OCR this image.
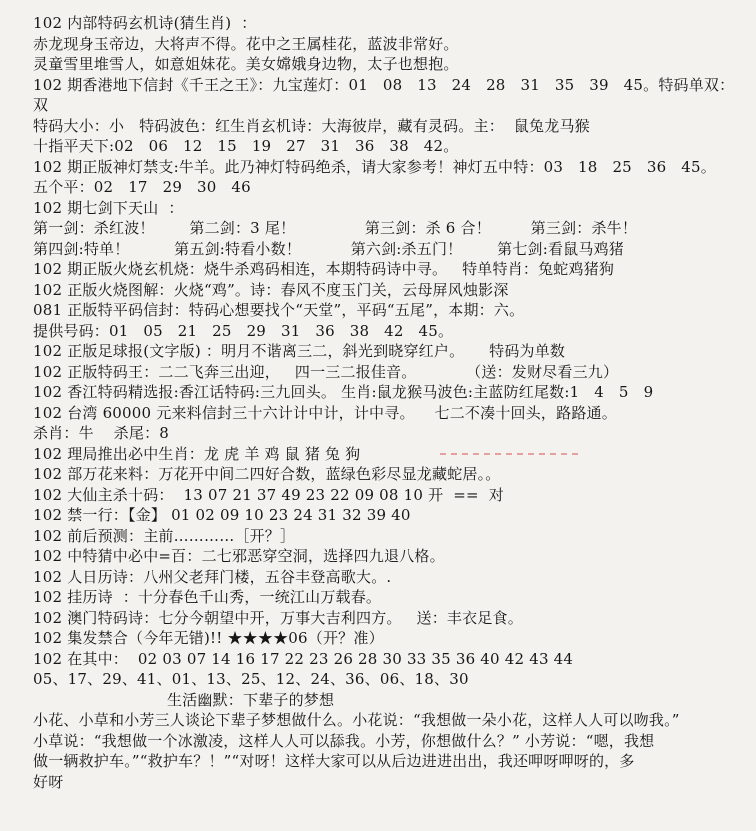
102 内部特码玄机诗(猜生肖)  ：
赤龙现身玉帝边，大将声不得。花中之王属桂花，蓝波非常好。
灵童雪里堆雪人，如意姐妹花。美女嫦娥身边物，太子也想抱。
102 期香港地下信封《千王之王》：九宝莲灯：01   08   13   24   28   31   35   39   45。特码单双：
双
特码大小：小   特码波色：红生肖玄机诗：大海彼岸，藏有灵码。主：  鼠兔龙马猴
十指平天下:02   06   12   15   19   27   31   36   38   42。
102 期正版神灯禁支:牛羊。此乃神灯特码绝杀，请大家参考！神灯五中特：03   18   25   36   45。
五个平：02   17   29   30   46
102 期七剑下天山  ：
第一剑：杀红波！       第二剑：3 尾！              第三剑：杀 6 合！        第三剑：杀牛！
第四剑:特单！         第五剑:特看小数！          第六剑:杀五门！       第七剑:看鼠马鸡猪
102 期正版火烧玄机烧：烧牛杀鸡码相连，本期特码诗中寻。   特单特肖：兔蛇鸡猪狗
102 正版火烧图解：火烧“鸡”。诗：春风不度玉门关，云母屏风烛影深
081 正版特平码信封：特码心想要找个“天堂”，平码“五尾”，本期：六。
提供号码：01   05   21   25   29   31   36   38   42   45。
102 正版足球报(文字版) ：明月不谐离三二，斜光到晓穿红户。     特码为单数
102 正版特码王：二二飞奔三出迎，   四一三二报佳音。          （送：发财尽看三九）
102 香江特码精选报:香江话特码:三九回头。 生肖:鼠龙猴马波色:主蓝防红尾数:1   4   5   9
102 台湾 60000 元来料信封三十六计计中计，计中寻。    七二不凑十回头，路路通。
杀肖：牛    杀尾：8
102 理局推出必中生肖：龙 虎 羊 鸡 鼠 猪 兔 狗
102 部万花来料：万花开中间二四好合数，蓝绿色彩尽显龙藏蛇居。。
102 大仙主杀十码：  13 07 21 37 49 23 22 09 08 10 开  ==  对
102 禁一行：【金】 01 02 09 10 23 24 31 32 39 40
102 前后预测：主前…………［开？］
102 中特猜中必中=百：二七邪恶穿空洞，选择四九退八格。
102 人日历诗：八州父老拜门楼，五谷丰登高歌大。.
102 挂历诗  ：十分春色千山秀，一统江山万载春。
102 澳门特码诗：七分今朝望中开，万事大吉利四方。   送：丰衣足食。
102 集发禁合（今年无错)!! ★★★★06（开？准）
102 在其中：  02 03 07 14 16 17 22 23 26 28 30 33 35 36 40 42 43 44
05、17、29、41、01、13、25、12、24、36、06、18、30
生活幽默：下辈子的梦想
小花、小草和小芳三人谈论下辈子梦想做什么。小花说：“我想做一朵小花，这样人人可以吻我。”
小草说：“我想做一个冰激凌，这样人人可以舔我。小芳，你想做什么？” 小芳说：“嗯，我想
做一辆救护车。”“救护车？！”“对呀！这样大家可以从后边进进出出，我还呷呀呷呀的，多
好呀
